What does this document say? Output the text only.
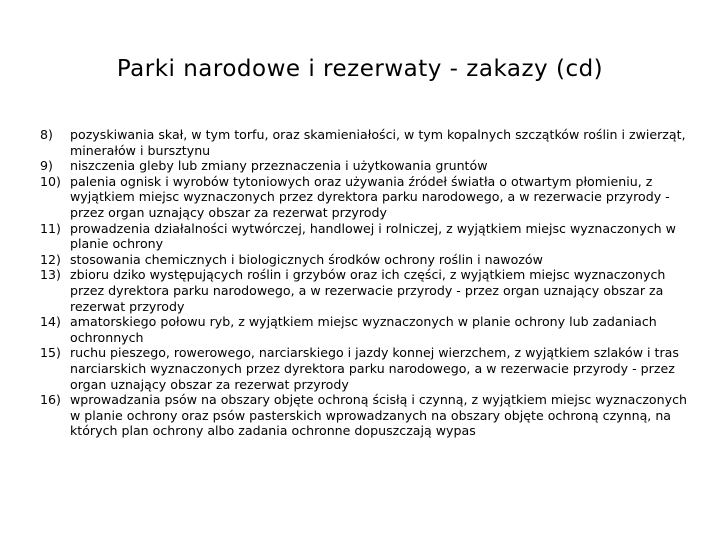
Parki narodowe i rezerwaty - zakazy (cd)
8) pozyskiwania skał, w tym torfu, oraz skamieniałości, w tym kopalnych szczątków roślin i zwierząt, minerałów i bursztynu
9) niszczenia gleby lub zmiany przeznaczenia i użytkowania gruntów
10) palenia ognisk i wyrobów tytoniowych oraz używania źródeł światła o otwartym płomieniu, z wyjątkiem miejsc wyznaczonych przez dyrektora parku narodowego, a w rezerwacie przyrody - przez organ uznający obszar za rezerwat przyrody
11) prowadzenia działalności wytwórczej, handlowej i rolniczej, z wyjątkiem miejsc wyznaczonych w planie ochrony
12) stosowania chemicznych i biologicznych środków ochrony roślin i nawozów
13) zbioru dziko występujących roślin i grzybów oraz ich części, z wyjątkiem miejsc wyznaczonych przez dyrektora parku narodowego, a w rezerwacie przyrody - przez organ uznający obszar za rezerwat przyrody
14) amatorskiego połowu ryb, z wyjątkiem miejsc wyznaczonych w planie ochrony lub zadaniach ochronnych
15) ruchu pieszego, rowerowego, narciarskiego i jazdy konnej wierzchem, z wyjątkiem szlaków i tras narciarskich wyznaczonych przez dyrektora parku narodowego, a w rezerwacie przyrody - przez organ uznający obszar za rezerwat przyrody
16) wprowadzania psów na obszary objęte ochroną ścisłą i czynną, z wyjątkiem miejsc wyznaczonych w planie ochrony oraz psów pasterskich wprowadzanych na obszary objęte ochroną czynną, na których plan ochrony albo zadania ochronne dopuszczają wypas
